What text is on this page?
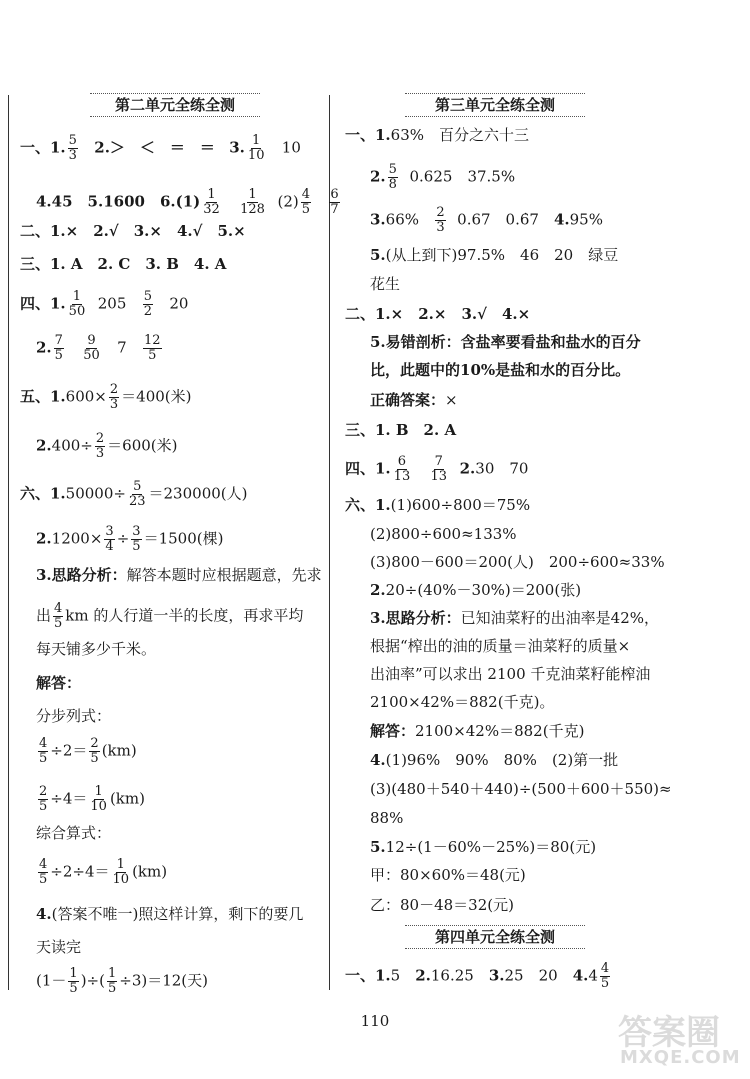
第二单元全练全测
一、1. $\frac{5}{3} 2.>$　＜　＝　＝ 3. $\frac{1}{10} 10$
4.45　5.1600　$6.(1) \frac{1}{32}$
$\frac{1}{128} (2) \frac{4}{5}$
$\frac{6}{7}$
二、1.×　2.√　3.×　4.√　5.×
三、1. A　2. C　3. B　4. A
四、1. $\frac{1}{50} 205 \frac{5}{2} 20$
2. $\frac{7}{5}$
$\frac{9}{50} 7 \frac{12}{5}$
五、$1.600\times \frac{2}{3} =400$(米)
$2.400\div \frac{2}{3} =600$(米)
六、$1.50000\div \frac{5}{23} =230000$(人)
$2.1200\times \frac{3}{4} \div \frac{3}{5} =1500$(棵)
3.思路分析：解答本题时应根据题意，先求
出 $\frac{4}{5}$ km 的人行道一半的长度，再求平均
每天铺多少千米。
解答：
分步列式：
$\frac{4}{5} \div 2= \frac{2}{5} (km)$
$\frac{2}{5} \div 4= \frac{1}{10} (km)$
综合算式：
$\frac{4}{5} \div 2\div 4= \frac{1}{10} (km)$
4.(答案不唯一)照这样计算，剩下的要几
天读完
($1- \frac{1}{5}$ )÷( $\frac{1}{5} \div 3)=12$(天)
第三单元全练全测
一、1.63%　百分之六十三
2. $\frac{5}{8} 0.625$　37.5%
$3.66\% \frac{2}{3} 0.67$　0.6̇7　4.95%
5.(从上到下)97.5%　46　20　绿豆
花生
二、1.×　2.×　3.√　4.×
5.易错剖析：含盐率要看盐和盐水的百分
比，此题中的10%是盐和水的百分比。
正确答案：×
三、1. B　2. A
四、1. $\frac{6}{13}$
$\frac{7}{13} 2.30$　70
六、1.(1)600÷800＝75%
(2)800÷600≈133%
(3)800－600＝200(人)　200÷600≈33%
2.20÷(40%－30%)＝200(张)
3.思路分析：已知油菜籽的出油率是42%，
根据“榨出的油的质量＝油菜籽的质量×
出油率”可以求出 2100 千克油菜籽能榨油
2100×42%＝882(千克)。
解答：2100×42%＝882(千克)
4.(1)96%　90%　80%　(2)第一批
(3)(480＋540＋440)÷(500＋600＋550)≈
88%
5.12÷(1－60%－25%)＝80(元)
甲：80×60%＝48(元)
乙：80－48＝32(元)
第四单元全练全测
一、1.5　2.16.25　3.25　20　$4.4 \frac{4}{5}$
110	答案圈
MXQE.COM
